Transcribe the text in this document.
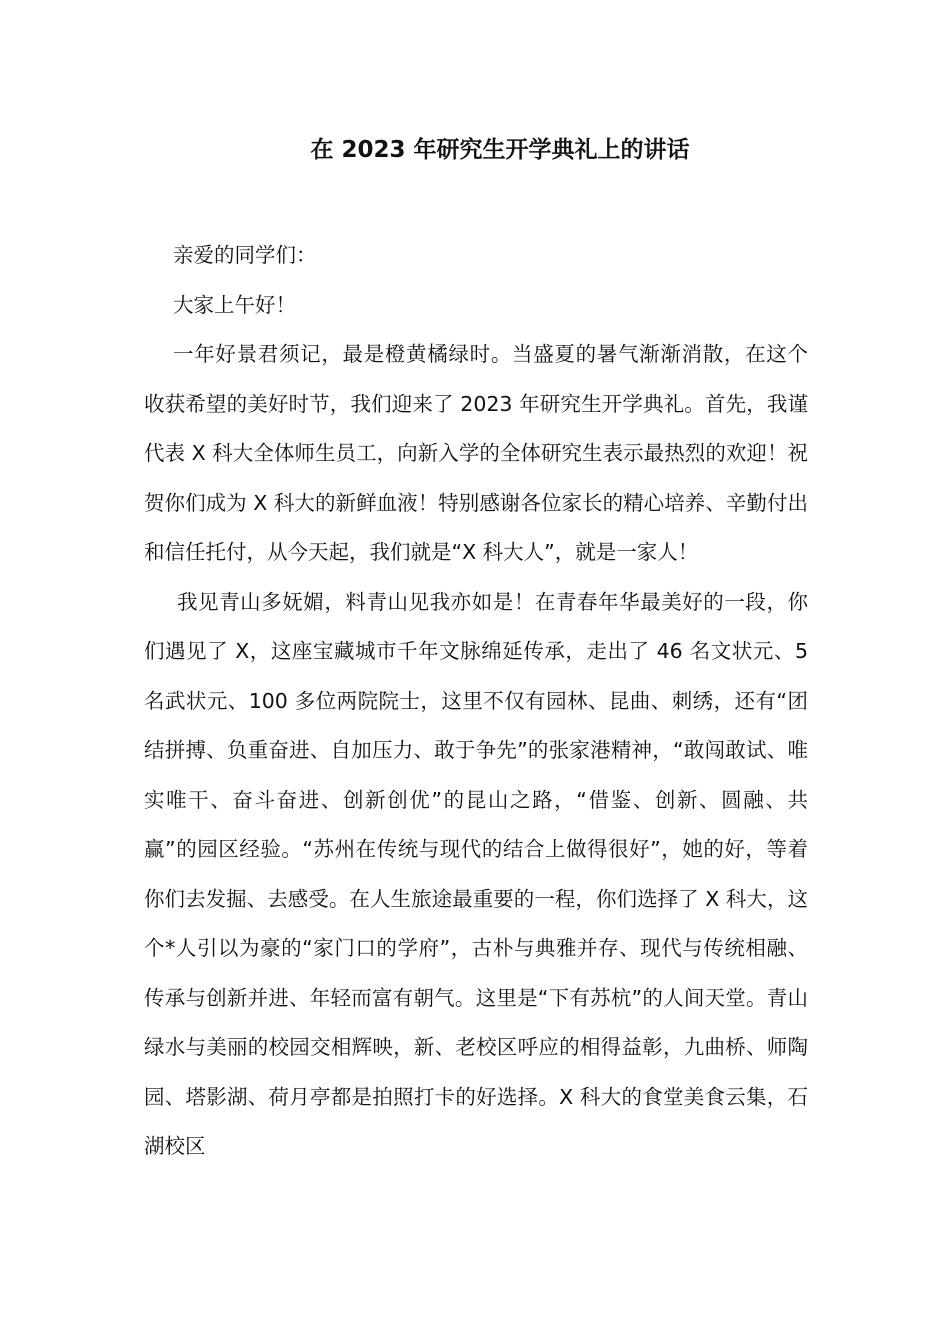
在 2023 年研究生开学典礼上的讲话

亲爱的同学们：

大家上午好！

一年好景君须记，最是橙黄橘绿时。当盛夏的暑气渐渐消散，在这个收获希望的美好时节，我们迎来了 2023 年研究生开学典礼。首先，我谨代表 X 科大全体师生员工，向新入学的全体研究生表示最热烈的欢迎！祝贺你们成为 X 科大的新鲜血液！特别感谢各位家长的精心培养、辛勤付出和信任托付，从今天起，我们就是“X 科大人”，就是一家人！

我见青山多妩媚，料青山见我亦如是！在青春年华最美好的一段，你们遇见了 X，这座宝藏城市千年文脉绵延传承，走出了 46 名文状元、5 名武状元、100 多位两院院士，这里不仅有园林、昆曲、刺绣，还有“团结拼搏、负重奋进、自加压力、敢于争先”的张家港精神，“敢闯敢试、唯实唯干、奋斗奋进、创新创优”的昆山之路，“借鉴、创新、圆融、共赢”的园区经验。“苏州在传统与现代的结合上做得很好”，她的好，等着你们去发掘、去感受。在人生旅途最重要的一程，你们选择了 X 科大，这个*人引以为豪的“家门口的学府”，古朴与典雅并存、现代与传统相融、传承与创新并进、年轻而富有朝气。这里是“下有苏杭”的人间天堂。青山绿水与美丽的校园交相辉映，新、老校区呼应的相得益彰，九曲桥、师陶园、塔影湖、荷月亭都是拍照打卡的好选择。X 科大的食堂美食云集，石湖校区
